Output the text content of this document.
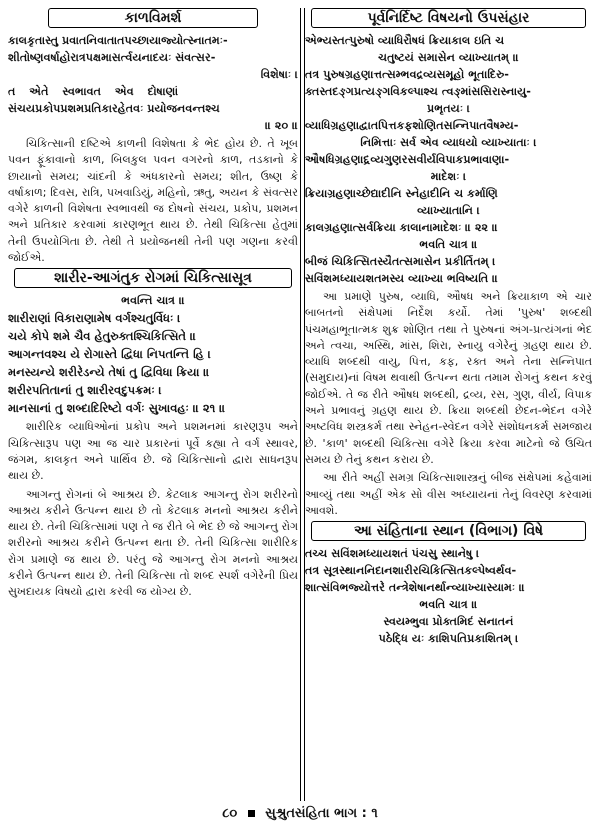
કાળવિમર્શ
કાલકૃતાસ્તુ પ્રવાતનિવાતાતપચ્છાયાજ્યોત્સ્નાતમઃ-
શીતોષ્ણવર્ષાહોરાત્રપક્ષમાસર્ત્વયનાદયઃ સંવત્સર-
વિશેષાઃ ।
ત એતે સ્વભાવત એવ દોષાણાં
સંચયપ્રકોપપ્રશમપ્રતિકારહેતવઃ પ્રયોજનવન્તશ્ચ
॥ ૨૦ ॥

ચિકિત્સાની દષ્ટિએ કાળની વિશેષતા કે ભેદ હોય છે. તે ખૂબ પવન ફૂંકાવાનો કાળ, બિલકુલ પવન વગરનો કાળ, તડકાનો કે છાયાનો સમય; ચાંદની કે અંધકારનો સમય; શીત, ઉષ્ણ કે વર્ષાકાળ; દિવસ, રાત્રિ, પખવાડિયું, મહિનો, ઋતુ, અયન કે સંવત્સર વગેરે કાળની વિશેષતા સ્વભાવથી જ દોષનો સંચય, પ્રકોપ, પ્રશમન અને પ્રતિકાર કરવામાં કારણભૂત થાય છે. તેથી ચિકિત્સા હેતુમાં તેની ઉપયોગિતા છે. તેથી તે પ્રયોજનથી તેની પણ ગણના કરવી જોઈએ.

શારીર-આગંતુક રોગમાં ચિકિત્સાસૂત્ર
ભવન્તિ ચાત્ર ॥
શારીરાણાં વિકારાણામેષ વર્ગશ્ચતુર્વિધઃ ।
ચયે કોપે શમે ચૈવ હેતુરુક્તશ્ચિકિત્સિતે ॥
આગન્તવશ્ચ યે રોગાસ્તે દ્વિધા નિપતન્તિ હિ ।
મનસ્યન્યે શરીરેડન્યે તેષાં તુ દ્વિવિધા ક્રિયા ॥
શરીરપતિતાનાં તુ શારીરવદુપક્રમઃ ।
માનસાનાં તુ શબ્દાદિરિષ્ટો વર્ગઃ સુખાવહઃ ॥ ૨૧ ॥

શારીરિક વ્યાધિઓનાં પ્રકોપ અને પ્રશમનમાં કારણરૂપ અને ચિકિત્સારૂપ પણ આ જ ચાર પ્રકારનાં પૂર્વે કહ્યા તે વર્ગ સ્થાવર, જંગમ, કાલકૃત અને પાર્થિવ છે. જે ચિકિત્સાનો દ્વારા સાધનરૂપ થાય છે.

આગન્તુ રોગનાં બે આશ્રય છે. કેટલાક આગન્તુ રોગ શરીરનો આશ્રય કરીને ઉત્પન્ન થાય છે તો કેટલાક મનનો આશ્રય કરીને થાય છે. તેની ચિકિત્સામાં પણ તે જ રીતે બે ભેદ છે જે આગન્તુ રોગ શરીરનો આશ્રય કરીને ઉત્પન્ન થતા છે. તેની ચિકિત્સા શારીરિક રોગ પ્રમાણે જ થાય છે. પરંતુ જે આગન્તુ રોગ મનનો આશ્રય કરીને ઉત્પન્ન થાય છે. તેની ચિકિત્સા તો શબ્દ સ્પર્શ વગેરેની પ્રિય સુખદાયક વિષયો દ્વારા કરવી જ યોગ્ય છે.

પૂર્વનિર્દિષ્ટ વિષયનો ઉપસંહાર
એભ્યસ્તત્પુરુષો વ્યાધિરૌષધં ક્રિયાકાલ ઇતિ ચ
ચતુષ્ટયં સમાસેન વ્યાખ્યાતમ્ ॥
તત્ર પુરુષગ્રહણાત્તત્સમ્ભવદ્રવ્યસમૂહો ભૂતાદિરુ-
ક્તસ્તદઙ્ગપ્રત્યઙ્ગવિકલ્પાશ્ચ ત્વઙ્માંસસિરાસ્નાયુ-
પ્રભૃતયઃ ।
વ્યાધિગ્રહણાદ્વાતપિત્તકફશોણિતસન્નિપાતવૈષમ્ય-
નિમિત્તાઃ સર્વ એવ વ્યાધયો વ્યાખ્યાતાઃ ।
ઔષધિગ્રહણાદ્દ્રવ્યગુણરસવીર્યવિપાકપ્રભાવાણા-
માદેશઃ ।
ક્રિયાગ્રહણાચ્છેદ્યાદીનિ સ્નેહાદીનિ ચ કર્માણિ
વ્યાખ્યાતાનિ ।
કાલગ્રહણાત્સર્વક્રિયા કાલાનામાદેશઃ ॥ ૨૨ ॥
ભવતિ ચાત્ર ॥
બીજં ચિકિત્સિતસ્યૈતત્સમાસેન પ્રકીર્તિતમ્ ।
સવિંશમધ્યાયશતમસ્ય વ્યાખ્યા ભવિષ્યતિ ॥

આ પ્રમાણે પુરુષ, વ્યાધિ, ઔષધ અને ક્રિયાકાળ એ ચાર બાબતનો સંક્ષેપમાં નિર્દેશ કર્યો. તેમાં 'પુરુષ' શબ્દથી પંચમહાભૂતાત્મક શુક્ર શોણિત તથા તે પુરુષનાં અંગ-પ્રત્યંગનાં ભેદ અને ત્વચા, અસ્થિ, માંસ, શિરા, સ્નાયુ વગેરેનું ગ્રહણ થાય છે. વ્યાધિ શબ્દથી વાયુ, પિત્ત, કફ, રક્ત અને તેના સન્નિપાત (સમુદાય)નાં વિષમ થવાથી ઉત્પન્ન થતા તમામ રોગનું કથન કરવું જોઈએ. તે જ રીતે ઔષધ શબ્દથી, દ્રવ્ય, રસ, ગુણ, વીર્ય, વિપાક અને પ્રભાવનું ગ્રહણ થાય છે. ક્રિયા શબ્દથી છેદન-ભેદન વગેરે અષ્ટવિધ શસ્ત્રકર્મ તથા સ્નેહન-સ્વેદન વગેરે સંશોધનકર્મ સમજાય છે. 'કાળ' શબ્દથી ચિકિત્સા વગેરે ક્રિયા કરવા માટેનો જે ઉચિત સમય છે તેનું કથન કરાય છે.

આ રીતે અહીં સમગ્ર ચિકિત્સાશાસ્ત્રનું બીજ સંક્ષેપમાં કહેવામાં આવ્યું તથા અહીં એક સો વીસ અધ્યાયનાં તેનું વિવરણ કરવામાં આવશે.

આ સંહિતાના સ્થાન (વિભાગ) વિષે
તચ્ચ સવિંશમધ્યાયશતં પંચસુ સ્થાનેષુ ।
તત્ર સૂત્રસ્થાનનિદાનશારીરચિકિત્સિતકલ્પેષ્વર્થવ-
શાત્સંવિભજ્યોત્તરે તન્ત્રેશેષાનર્થાન્વ્યાખ્યાસ્યામઃ ॥
ભવતિ ચાત્ર ॥
સ્વયમ્ભુવા પ્રોક્તમિદં સનાતનં
પઠેદ્ધિ યઃ કાશિપતિપ્રકાશિતમ્ ।
૮૦ સુશ્રુતસંહિતા ભાગ : ૧
